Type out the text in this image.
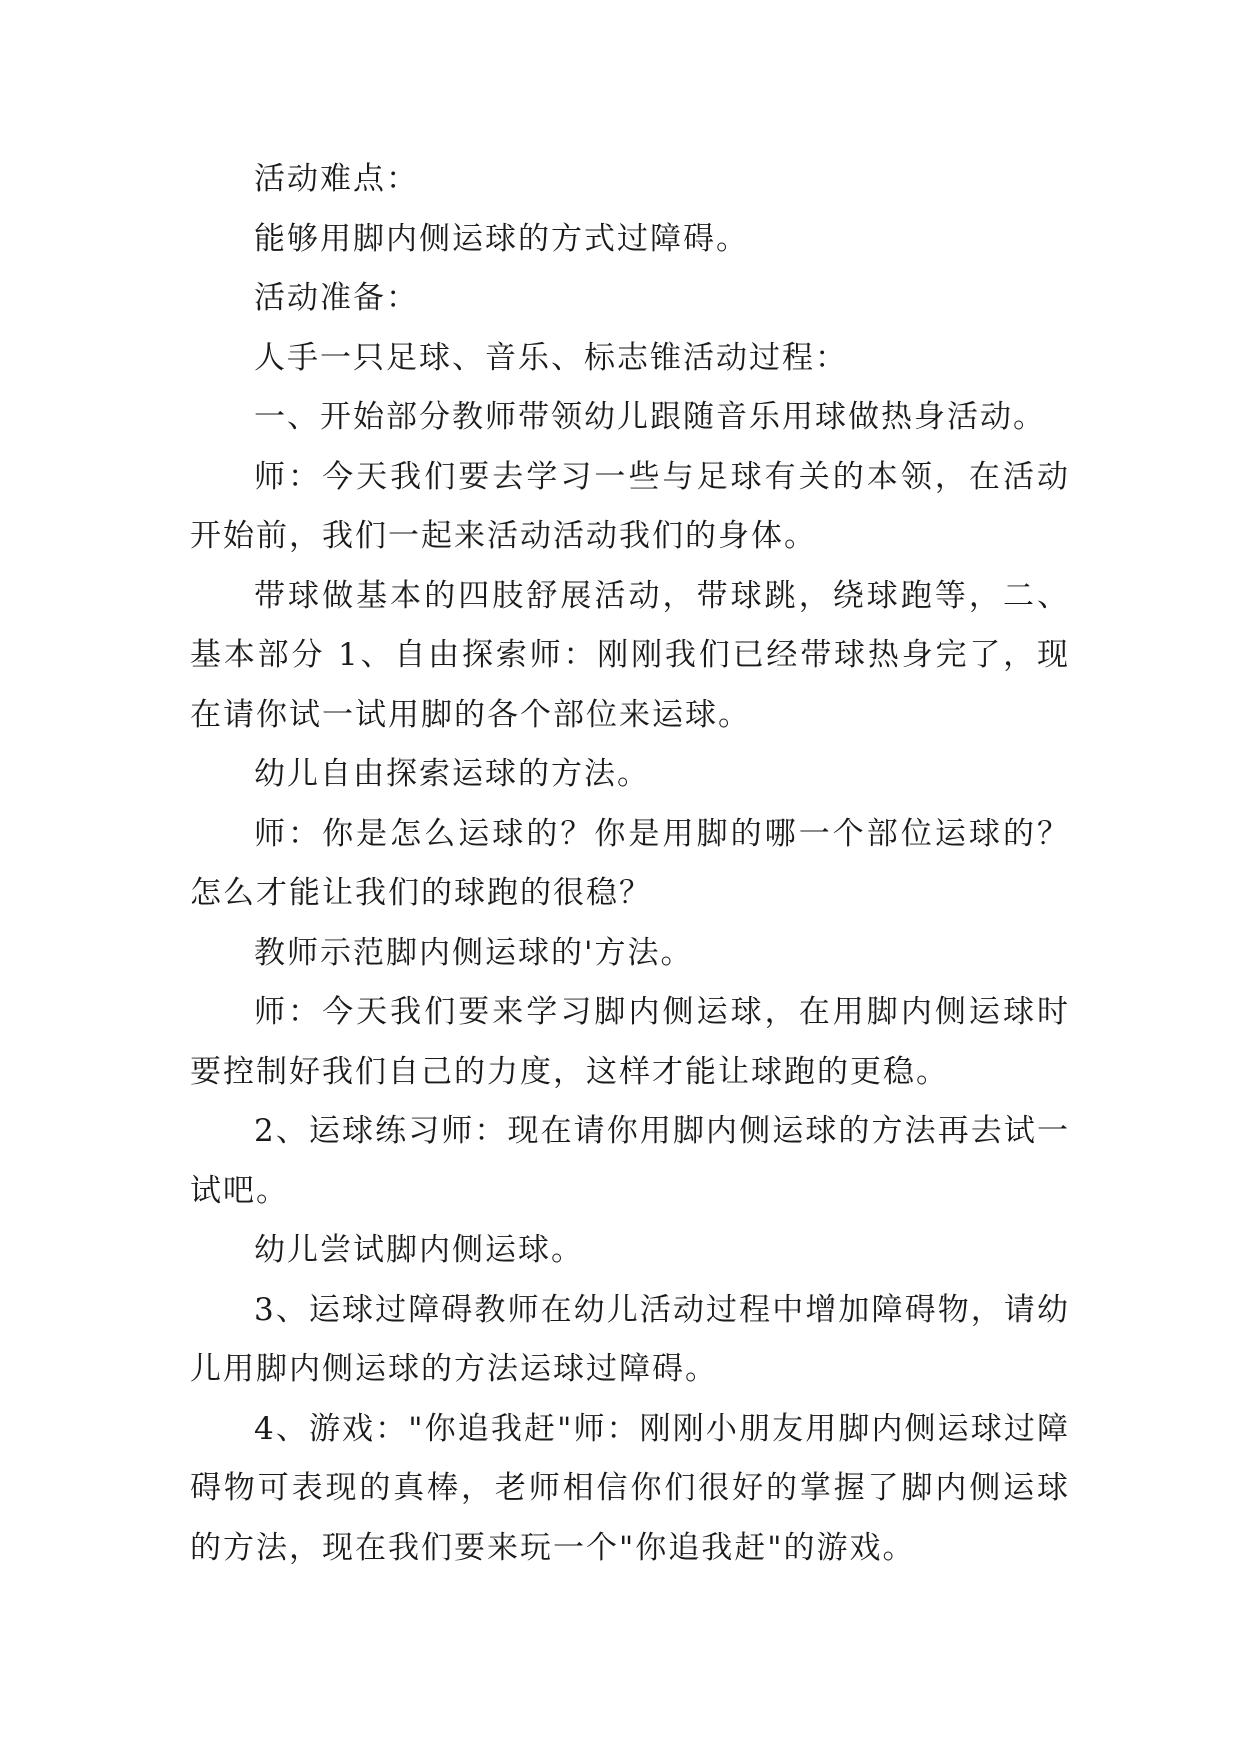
活动难点：

能够用脚内侧运球的方式过障碍。

活动准备：

人手一只足球、音乐、标志锥活动过程：

一、开始部分教师带领幼儿跟随音乐用球做热身活动。

师：今天我们要去学习一些与足球有关的本领，在活动开始前，我们一起来活动活动我们的身体。

带球做基本的四肢舒展活动，带球跳，绕球跑等，二、基本部分 1、自由探索师：刚刚我们已经带球热身完了，现在请你试一试用脚的各个部位来运球。

幼儿自由探索运球的方法。

师：你是怎么运球的？你是用脚的哪一个部位运球的？怎么才能让我们的球跑的很稳？

教师示范脚内侧运球的'方法。

师：今天我们要来学习脚内侧运球，在用脚内侧运球时要控制好我们自己的力度，这样才能让球跑的更稳。

2、运球练习师：现在请你用脚内侧运球的方法再去试一试吧。

幼儿尝试脚内侧运球。

3、运球过障碍教师在幼儿活动过程中增加障碍物，请幼儿用脚内侧运球的方法运球过障碍。

4、游戏："你追我赶"师：刚刚小朋友用脚内侧运球过障碍物可表现的真棒，老师相信你们很好的掌握了脚内侧运球的方法，现在我们要来玩一个"你追我赶"的游戏。
